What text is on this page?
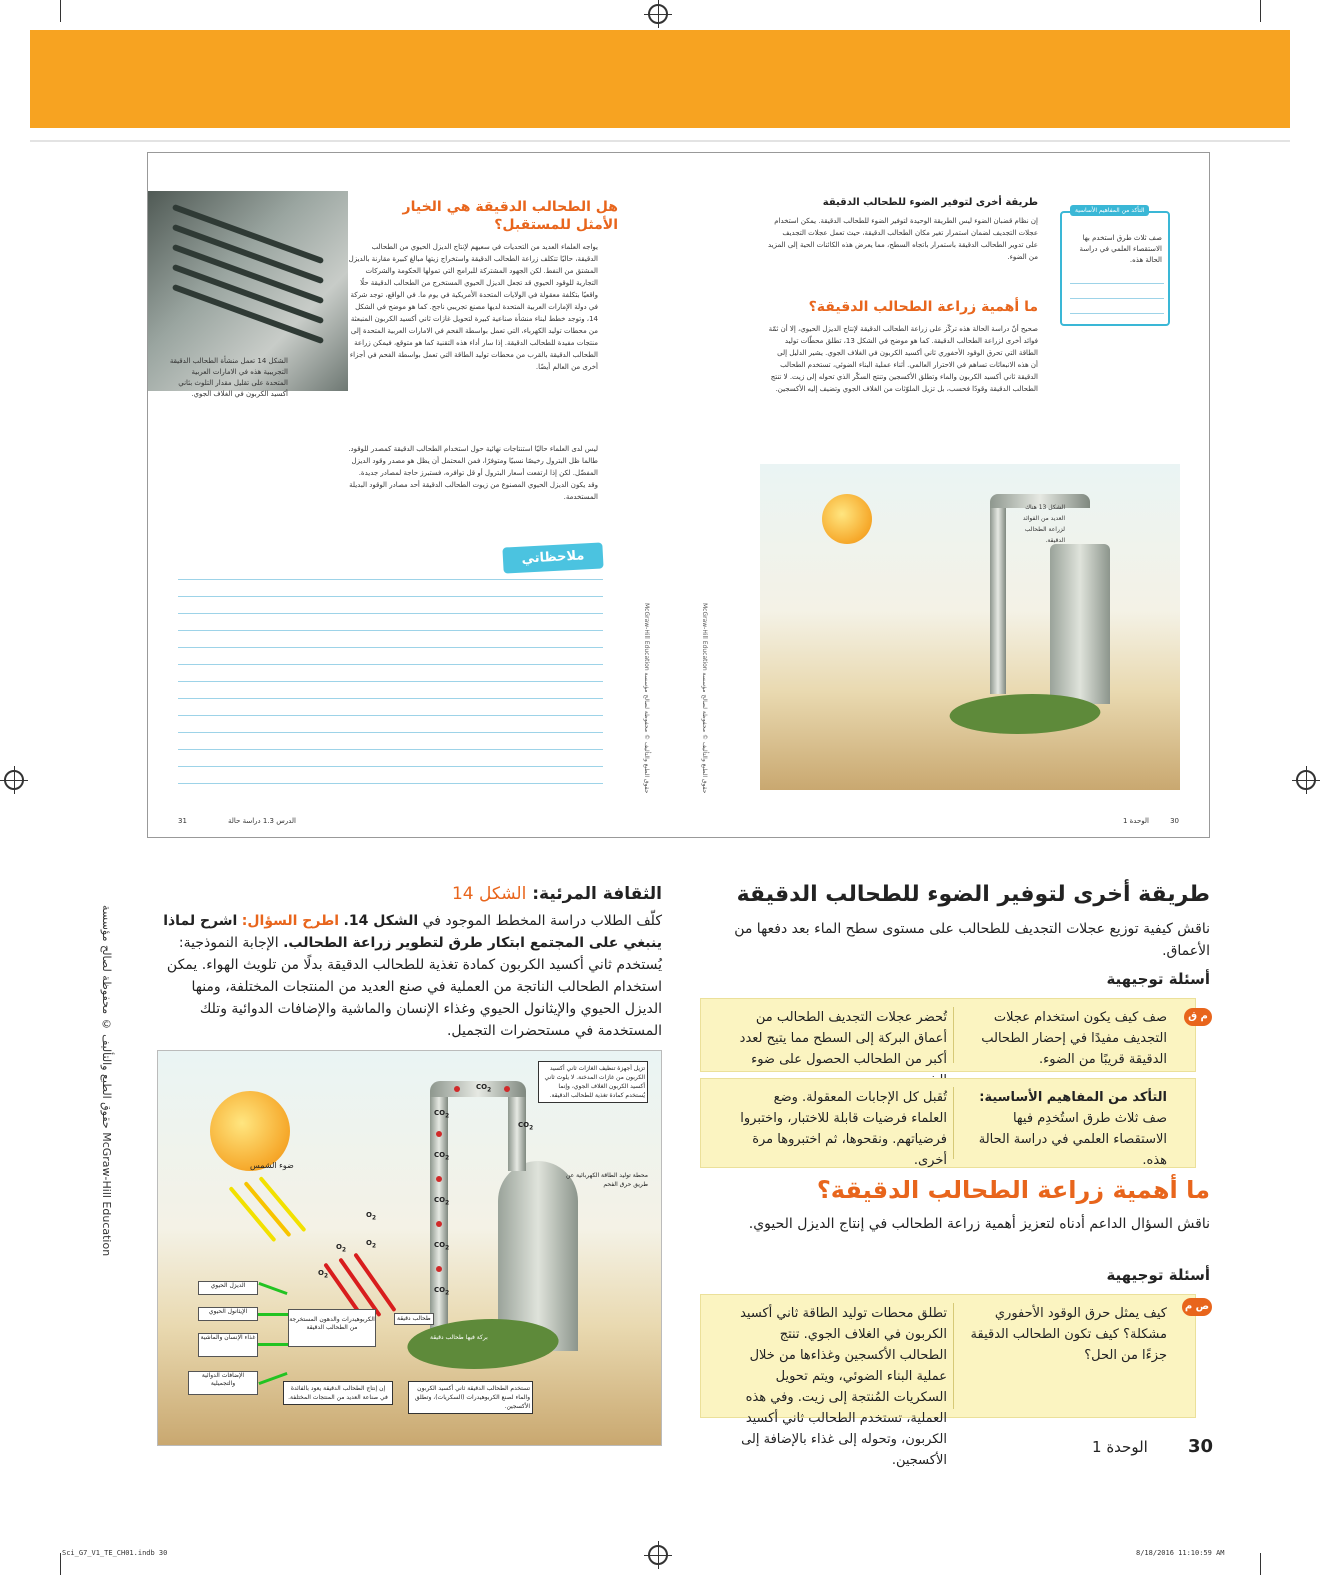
الشكل 14 تعمل منشأة الطحالب الدقيقة التجريبية هذه في الامارات العربية المتحدة على تقليل مقدار التلوث بثاني أكسيد الكربون في الغلاف الجوي.
هل الطحالب الدقيقة هي الخيار الأمثل للمستقبل؟
يواجه العلماء العديد من التحديات في سعيهم لإنتاج الديزل الحيوي من الطحالب الدقيقة، حاليًا تتكلف زراعة الطحالب الدقيقة واستخراج زيتها مبالغ كبيرة مقارنة بالديزل المشتق من النفط. لكن الجهود المشتركة للبرامج التي تمولها الحكومة والشركات التجارية للوقود الحيوي قد تجعل الديزل الحيوي المستخرج من الطحالب الدقيقة حلًا واقعيًا بتكلفة معقولة في الولايات المتحدة الأمريكية في يوم ما. في الواقع، توجد شركة في دولة الإمارات العربية المتحدة لديها مصنع تجريبي ناجح. كما هو موضح في الشكل 14، وتوجد خطط لبناء منشأة صناعية كبيرة لتحويل غازات ثاني أكسيد الكربون المنبعثة من محطات توليد الكهرباء، التي تعمل بواسطة الفحم في الامارات العربية المتحدة إلى منتجات مفيدة للطحالب الدقيقة. إذا سار أداء هذه التقنية كما هو متوقع، فيمكن زراعة الطحالب الدقيقة بالقرب من محطات توليد الطاقة التي تعمل بواسطة الفحم في أجزاء أخرى من العالم أيضًا.
ليس لدى العلماء حاليًا استنتاجات نهائية حول استخدام الطحالب الدقيقة كمصدر للوقود. طالما ظل البترول رخيصًا نسبيًا ومتوفرًا، فمن المحتمل أن يظل هو مصدر وقود الديزل المفضّل. لكن إذا ارتفعت أسعار البترول أو قل توافره، فستبرز حاجة لمصادر جديدة. وقد يكون الديزل الحيوي المصنوع من زيوت الطحالب الدقيقة أحد مصادر الوقود البديلة المستخدمة.
ملاحظاتي
McGraw-Hill Education حقوق الطبع والتأليف © محفوظة لصالح مؤسسة
31	الدرس 1.3 دراسة حالة
McGraw-Hill Education حقوق الطبع والتأليف © محفوظة لصالح مؤسسة
طريقة أخرى لتوفير الضوء للطحالب الدقيقة
إن نظام قضبان الضوء ليس الطريقة الوحيدة لتوفير الضوء للطحالب الدقيقة. يمكن استخدام عجلات التجديف لضمان استمرار تغير مكان الطحالب الدقيقة، حيث تعمل عجلات التجديف على تدوير الطحالب الدقيقة باستمرار باتجاه السطح، مما يعرض هذه الكائنات الحية إلى المزيد من الضوء.
ما أهمية زراعة الطحالب الدقيقة؟
صحيح أنّ دراسة الحالة هذه تركّز على زراعة الطحالب الدقيقة لإنتاج الديزل الحيوي، إلا أن ثمّة فوائد أخرى لزراعة الطحالب الدقيقة. كما هو موضح في الشكل 13، تطلق محطّات توليد الطاقة التي تحرق الوقود الأحفوري ثاني أكسيد الكربون في الغلاف الجوي. يشير الدليل إلى أن هذه الانبعاثات تساهم في الاحترار العالمي. أثناء عملية البناء الضوئي، تستخدم الطحالب الدقيقة ثاني أكسيد الكربون والماء وتطلق الأكسجين وتنتج السكّر الذي تحوله إلى زيت. لا تنتج الطحالب الدقيقة وقودًا فحسب، بل تزيل الملوّثات من الغلاف الجوي وتضيف إليه الأكسجين.
التأكد من المفاهيم الأساسية
صف ثلاث طرق استخدم بها الاستقصاء العلمي في دراسة الحالة هذه.
الشكل 13 هناك العديد من الفوائد لزراعة الطحالب الدقيقة.
30
الوحدة 1
طريقة أخرى لتوفير الضوء للطحالب الدقيقة
ناقش كيفية توزيع عجلات التجديف للطحالب على مستوى سطح الماء بعد دفعها من الأعماق.
أسئلة توجيهية
صف كيف يكون استخدام عجلات التجديف مفيدًا في إحضار الطحالب الدقيقة قريبًا من الضوء.
تُحضر عجلات التجديف الطحالب من أعماق البركة إلى السطح مما يتيح لعدد أكبر من الطحالب الحصول على ضوء
م ق
التأكد من المفاهيم الأساسية: صف ثلاث طرق استُخدِم فيها الاستقصاء العلمي في دراسة الحالة هذه.
تُقبل كل الإجابات المعقولة. وضع العلماء فرضيات قابلة للاختبار، واختبروا فرضياتهم. ونقحوها، ثم اختبروها مرة أخرى.
ما أهمية زراعة الطحالب الدقيقة؟
ناقش السؤال الداعم أدناه لتعزيز أهمية زراعة الطحالب في إنتاج الديزل الحيوي.
أسئلة توجيهية
كيف يمثل حرق الوقود الأحفوري مشكلة؟ كيف تكون الطحالب الدقيقة جزءًا من الحل؟
تطلق محطات توليد الطاقة ثاني أكسيد الكربون في الغلاف الجوي. تنتج الطحالب الأكسجين وغذاءها من خلال عملية البناء الضوئي، ويتم تحويل السكريات المُنتجة إلى زيت. وفي هذه العملية، تستخدم الطحالب ثاني أكسيد الكربون، وتحوله إلى غذاء بالإضافة إلى الأكسجين.
ص م
الثقافة المرئية: الشكل 14
كلّف الطلاب دراسة المخطط الموجود في الشكل 14. اطرح السؤال: اشرح لماذا ينبغي على المجتمع ابتكار طرق لتطوير زراعة الطحالب. الإجابة النموذجية: يُستخدم ثاني أكسيد الكربون كمادة تغذية للطحالب الدقيقة بدلًا من تلويث الهواء. يمكن استخدام الطحالب الناتجة من العملية في صنع العديد من المنتجات المختلفة، ومنها الديزل الحيوي والإيثانول الحيوي وغذاء الإنسان والماشية والإضافات الدوائية وتلك المستخدمة في مستحضرات التجميل.
حقوق الطبع والتأليف © محفوظة لصالح مؤسسة McGraw-Hill Education	ضوء الشمس
$CO_2$
$CO_2$
$CO_2$
$CO_2$
$CO_2$
$CO_2$
$CO_2$
$O_2$
$O_2$
$O_2$
$O_2$
بركة فيها طحالب دقيقة
طحالب دقيقة
تزيل أجهزة تنظيف الغازات ثاني أكسيد الكربون من غازات المدخنة. لا يلوث ثاني أكسيد الكربون الغلاف الجوي، وإنما يُستخدم كمادة تغذية للطحالب الدقيقة.
محطة توليد الطاقة الكهربائية عن طريق حرق الفحم
الكربوهيدرات والدهون المستخرجة من الطحالب الدقيقة
الديزل الحيوي
الإيثانول الحيوي
غذاء الإنسان والماشية
الإضافات الدوائية والتجميلية
إن إنتاج الطحالب الدقيقة يعود بالفائدة في صناعة العديد من المنتجات المختلفة.
تستخدم الطحالب الدقيقة ثاني أكسيد الكربون والماء لصنع الكربوهيدرات (السكريات)، وتطلق الأكسجين.
30
الوحدة 1
Sci_G7_V1_TE_CH01.indb 30	8/18/2016 11:10:59 AM
